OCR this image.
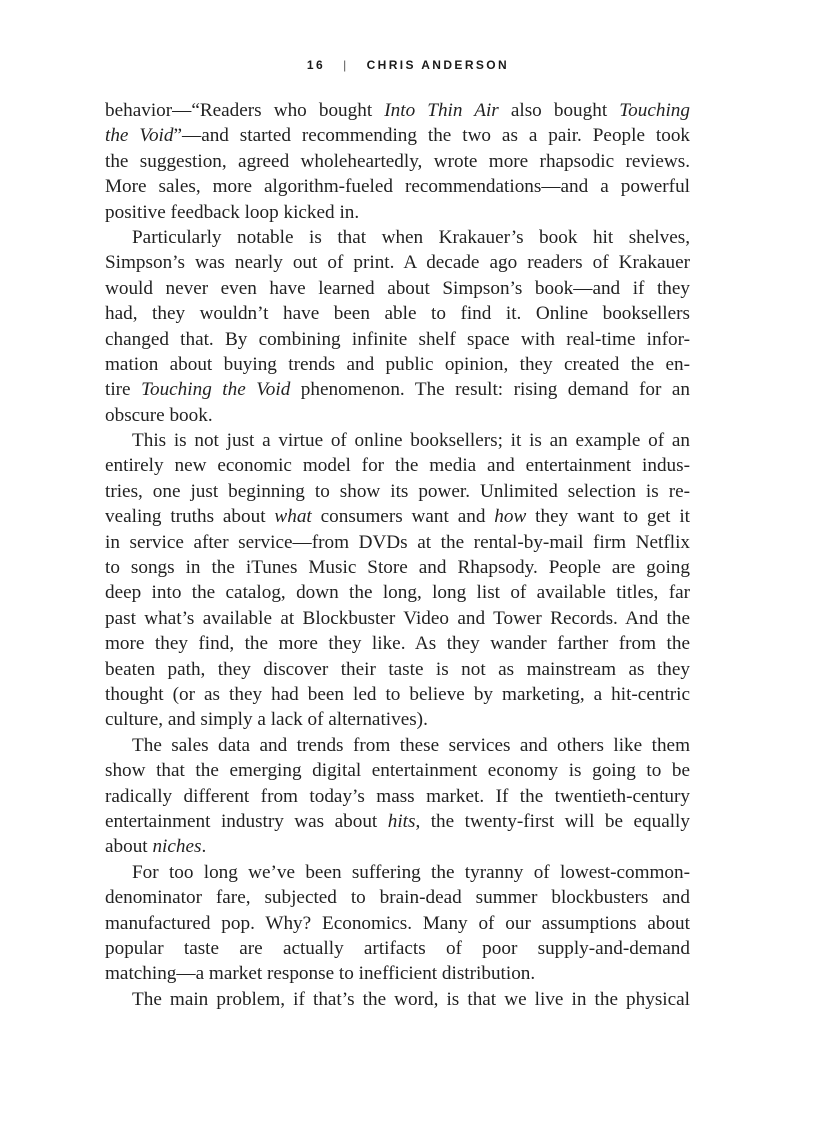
16 | CHRIS ANDERSON
behavior—“Readers who bought Into Thin Air also bought Touching
the Void”—and started recommending the two as a pair. People took
the suggestion, agreed wholeheartedly, wrote more rhapsodic reviews.
More sales, more algorithm-fueled recommendations—and a powerful
positive feedback loop kicked in.
Particularly notable is that when Krakauer’s book hit shelves,
Simpson’s was nearly out of print. A decade ago readers of Krakauer
would never even have learned about Simpson’s book—and if they
had, they wouldn’t have been able to find it. Online booksellers
changed that. By combining infinite shelf space with real-time infor-
mation about buying trends and public opinion, they created the en-
tire Touching the Void phenomenon. The result: rising demand for an
obscure book.
This is not just a virtue of online booksellers; it is an example of an
entirely new economic model for the media and entertainment indus-
tries, one just beginning to show its power. Unlimited selection is re-
vealing truths about what consumers want and how they want to get it
in service after service—from DVDs at the rental-by-mail firm Netflix
to songs in the iTunes Music Store and Rhapsody. People are going
deep into the catalog, down the long, long list of available titles, far
past what’s available at Blockbuster Video and Tower Records. And the
more they find, the more they like. As they wander farther from the
beaten path, they discover their taste is not as mainstream as they
thought (or as they had been led to believe by marketing, a hit-centric
culture, and simply a lack of alternatives).
The sales data and trends from these services and others like them
show that the emerging digital entertainment economy is going to be
radically different from today’s mass market. If the twentieth-century
entertainment industry was about hits, the twenty-first will be equally
about niches.
For too long we’ve been suffering the tyranny of lowest-common-
denominator fare, subjected to brain-dead summer blockbusters and
manufactured pop. Why? Economics. Many of our assumptions about
popular taste are actually artifacts of poor supply-and-demand
matching—a market response to inefficient distribution.
The main problem, if that’s the word, is that we live in the physical
